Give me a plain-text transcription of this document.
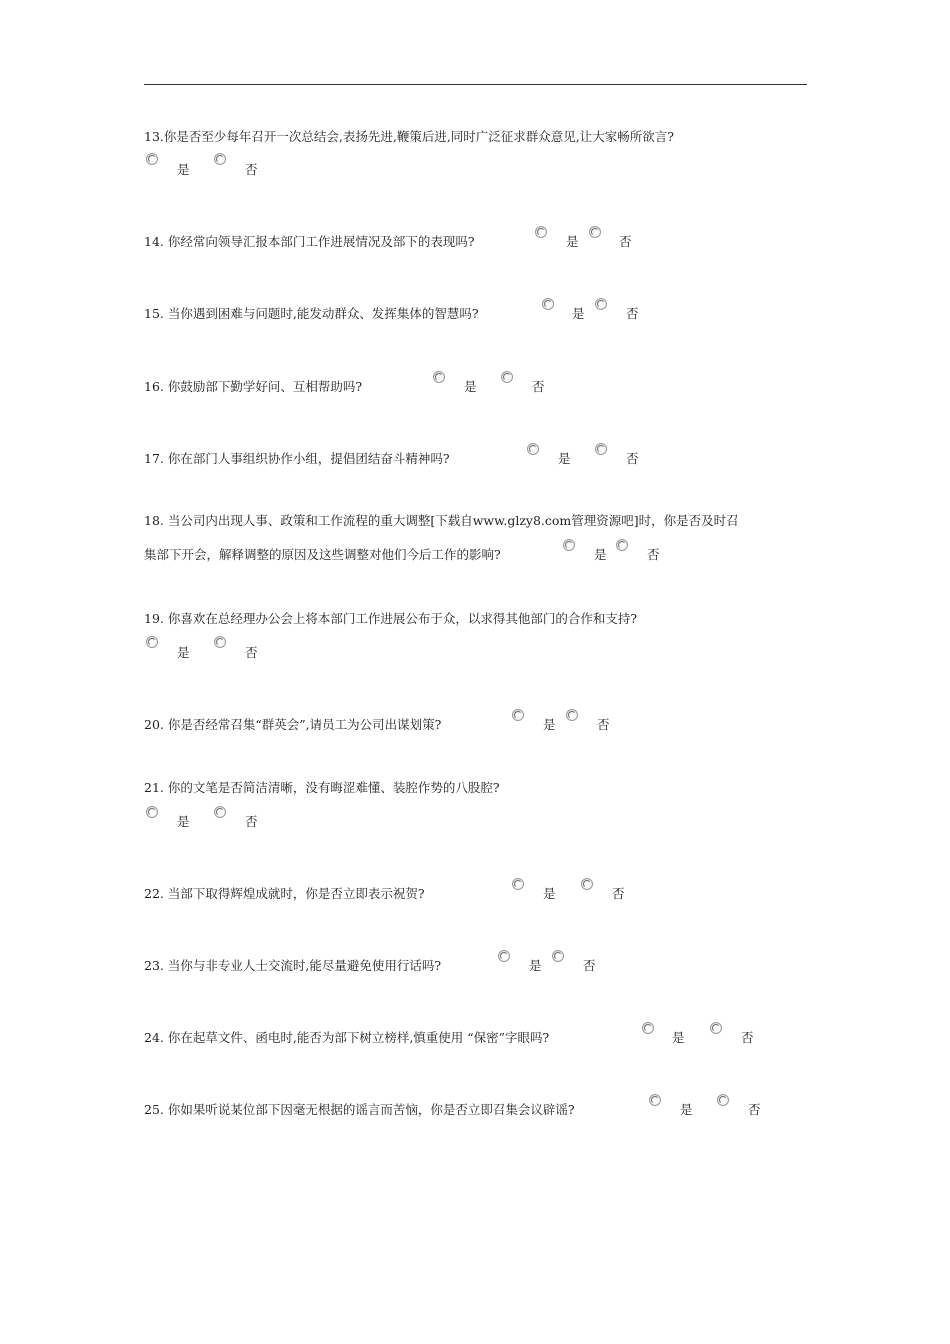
13.你是否至少每年召开一次总结会,表扬先进,鞭策后进,同时广泛征求群众意见,让大家畅所欲言?
是	否
14. 你经常向领导汇报本部门工作进展情况及部下的表现吗?	是	否
15. 当你遇到困难与问题时,能发动群众、发挥集体的智慧吗?	是	否
16. 你鼓励部下勤学好问、互相帮助吗?	是	否
17. 你在部门人事组织协作小组，提倡团结奋斗精神吗?	是	否
18. 当公司内出现人事、政策和工作流程的重大调整[下载自www.glzy8.com管理资源吧]时，你是否及时召
集部下开会，解释调整的原因及这些调整对他们今后工作的影响?	是	否
19. 你喜欢在总经理办公会上将本部门工作进展公布于众，以求得其他部门的合作和支持?
是	否
20. 你是否经常召集“群英会”,请员工为公司出谋划策?	是	否
21. 你的文笔是否简洁清晰，没有晦涩难懂、装腔作势的八股腔?
是	否
22. 当部下取得辉煌成就时，你是否立即表示祝贺?	是	否
23. 当你与非专业人士交流时,能尽量避免使用行话吗?	是	否
24. 你在起草文件、函电时,能否为部下树立榜样,慎重使用 “保密”字眼吗?	是	否
25. 你如果听说某位部下因毫无根据的谣言而苦恼，你是否立即召集会议辟谣?	是	否
